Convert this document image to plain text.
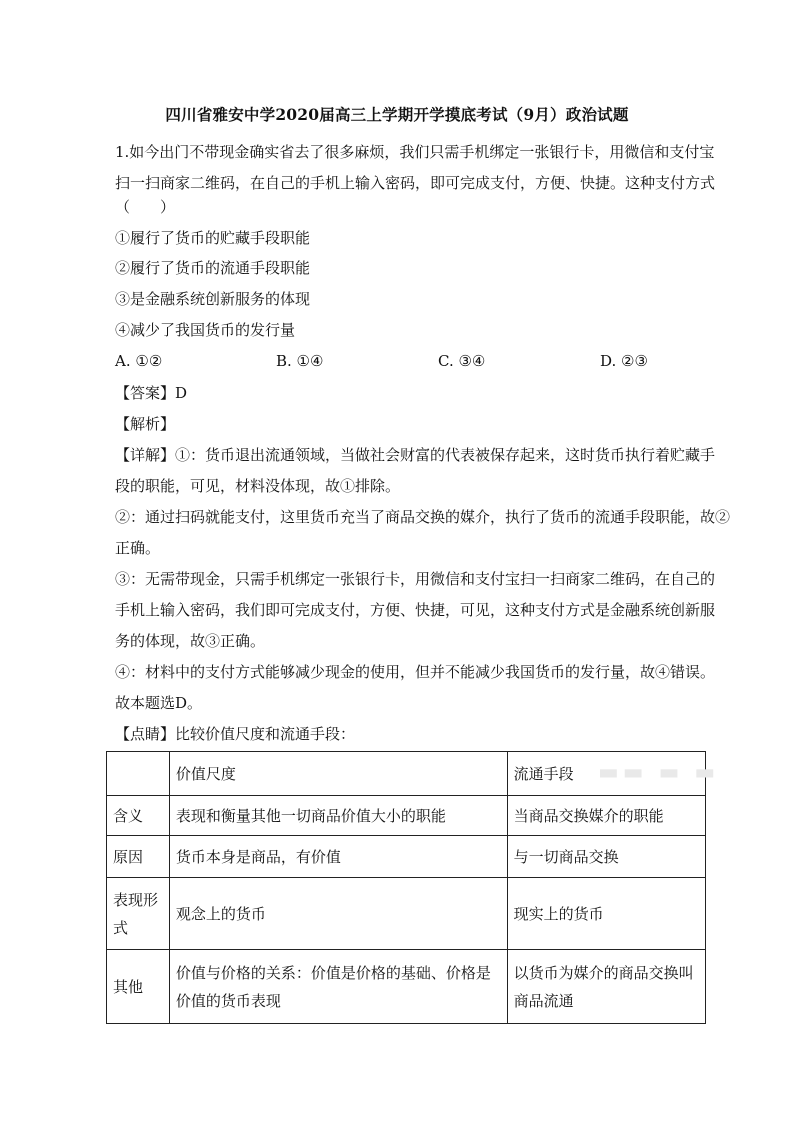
四川省雅安中学2020届高三上学期开学摸底考试（9月）政治试题
1.如今出门不带现金确实省去了很多麻烦，我们只需手机绑定一张银行卡，用微信和支付宝
扫一扫商家二维码，在自己的手机上输入密码，即可完成支付，方便、快捷。这种支付方式
（　　）
①履行了货币的贮藏手段职能
②履行了货币的流通手段职能
③是金融系统创新服务的体现
④减少了我国货币的发行量
A. ①②	B. ①④	C. ③④	D. ②③
【答案】D
【解析】
【详解】①：货币退出流通领域，当做社会财富的代表被保存起来，这时货币执行着贮藏手
段的职能，可见，材料没体现，故①排除。
②：通过扫码就能支付，这里货币充当了商品交换的媒介，执行了货币的流通手段职能，故②
正确。
③：无需带现金，只需手机绑定一张银行卡，用微信和支付宝扫一扫商家二维码，在自己的
手机上输入密码，我们即可完成支付，方便、快捷，可见，这种支付方式是金融系统创新服
务的体现，故③正确。
④：材料中的支付方式能够减少现金的使用，但并不能减少我国货币的发行量，故④错误。
故本题选D。
【点睛】比较价值尺度和流通手段：
	价值尺度	流通手段
含义	表现和衡量其他一切商品价值大小的职能	当商品交换媒介的职能
原因	货币本身是商品，有价值	与一切商品交换
表现形式	观念上的货币	现实上的货币
其他	价值与价格的关系：价值是价格的基础、价格是价值的货币表现	以货币为媒介的商品交换叫商品流通
▬▬ ▬ ▬
